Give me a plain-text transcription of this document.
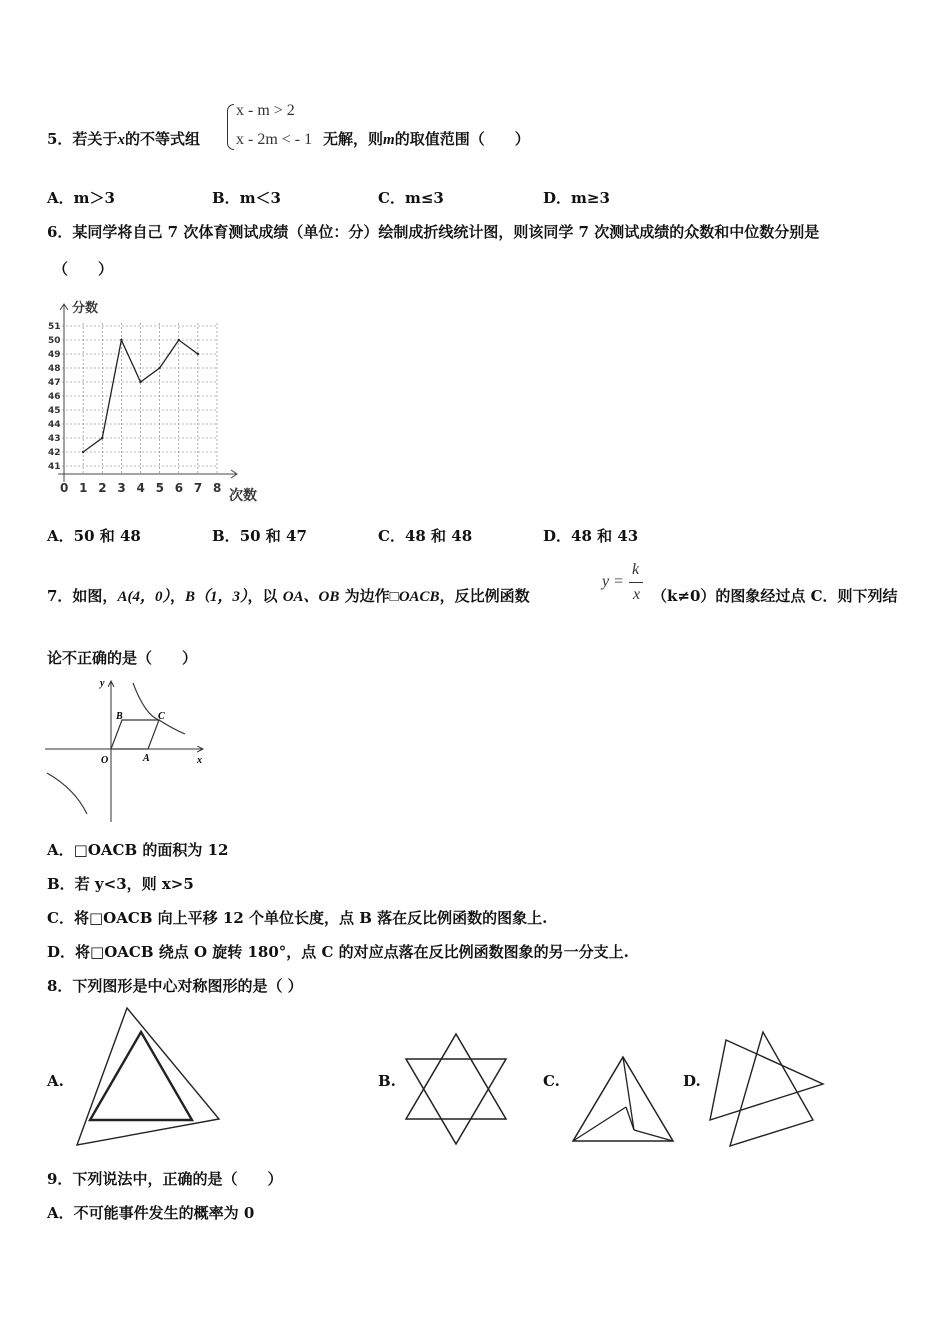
5．若关于x的不等式组
x - m > 2
x - 2m < - 1 无解，则m的取值范围（　　）
A．m＞3	B．m＜3	C．m≤3	D．m≥3
6．某同学将自己 7 次体育测试成绩（单位：分）绘制成折线统计图，则该同学 7 次测试成绩的众数和中位数分别是
（　　）
41
42
43
44
45
46
47
48
49
50
51
0 1 2 3 4 5 6 7 8
分数
次数
A．50 和 48	B．50 和 47	C．48 和 48	D．48 和 43
7．如图，A(4，0），B（1，3），以 OA、OB 为边作□OACB，反比例函数
y =
k
x （k≠0）的图象经过点 C．则下列结
论不正确的是（　　）
y
x
O	A
B	C
A．□OACB 的面积为 12
B．若 y<3，则 x>5
C．将□OACB 向上平移 12 个单位长度，点 B 落在反比例函数的图象上.
D．将□OACB 绕点 O 旋转 180°，点 C 的对应点落在反比例函数图象的另一分支上.
8．下列图形是中心对称图形的是（ ）
A.	B.	C.	D.
9．下列说法中，正确的是（　　）
A．不可能事件发生的概率为 0
